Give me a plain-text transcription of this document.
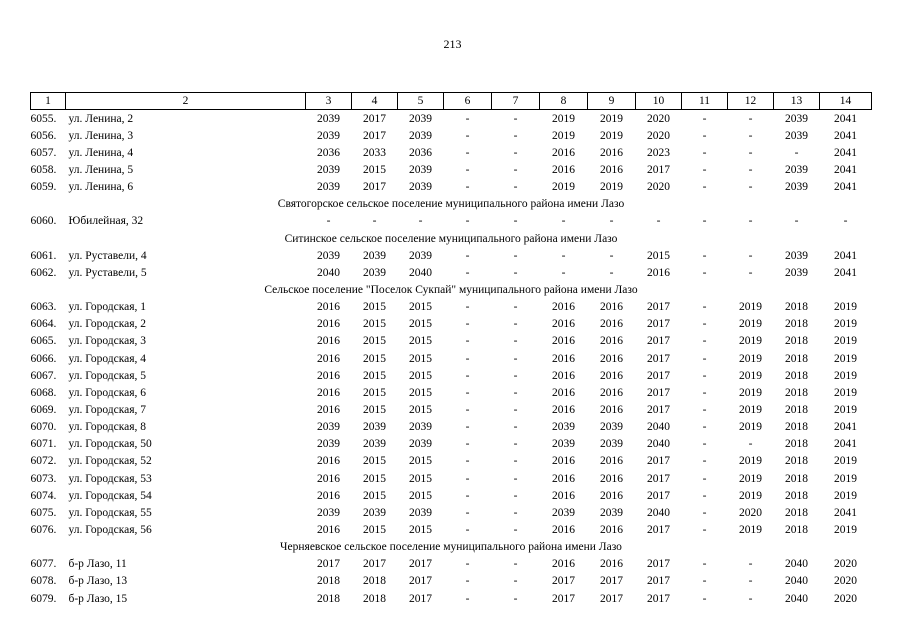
213
1	2	3	4	5	6	7	8	9	10	11	12	13	14
6055.	ул. Ленина, 2	2039	2017	2039	-	-	2019	2019	2020	-	-	2039	2041
6056.	ул. Ленина, 3	2039	2017	2039	-	-	2019	2019	2020	-	-	2039	2041
6057.	ул. Ленина, 4	2036	2033	2036	-	-	2016	2016	2023	-	-	-	2041
6058.	ул. Ленина, 5	2039	2015	2039	-	-	2016	2016	2017	-	-	2039	2041
6059.	ул. Ленина, 6	2039	2017	2039	-	-	2019	2019	2020	-	-	2039	2041
Святогорское сельское поселение муниципального района имени Лазо													
6060.	Юбилейная, 32	-	-	-	-	-	-	-	-	-	-	-	-
Ситинское сельское поселение муниципального района имени Лазо													
6061.	ул. Руставели, 4	2039	2039	2039	-	-	-	-	2015	-	-	2039	2041
6062.	ул. Руставели, 5	2040	2039	2040	-	-	-	-	2016	-	-	2039	2041
Сельское поселение "Поселок Сукпай" муниципального района имени Лазо													
6063.	ул. Городская, 1	2016	2015	2015	-	-	2016	2016	2017	-	2019	2018	2019
6064.	ул. Городская, 2	2016	2015	2015	-	-	2016	2016	2017	-	2019	2018	2019
6065.	ул. Городская, 3	2016	2015	2015	-	-	2016	2016	2017	-	2019	2018	2019
6066.	ул. Городская, 4	2016	2015	2015	-	-	2016	2016	2017	-	2019	2018	2019
6067.	ул. Городская, 5	2016	2015	2015	-	-	2016	2016	2017	-	2019	2018	2019
6068.	ул. Городская, 6	2016	2015	2015	-	-	2016	2016	2017	-	2019	2018	2019
6069.	ул. Городская, 7	2016	2015	2015	-	-	2016	2016	2017	-	2019	2018	2019
6070.	ул. Городская, 8	2039	2039	2039	-	-	2039	2039	2040	-	2019	2018	2041
6071.	ул. Городская, 50	2039	2039	2039	-	-	2039	2039	2040	-	-	2018	2041
6072.	ул. Городская, 52	2016	2015	2015	-	-	2016	2016	2017	-	2019	2018	2019
6073.	ул. Городская, 53	2016	2015	2015	-	-	2016	2016	2017	-	2019	2018	2019
6074.	ул. Городская, 54	2016	2015	2015	-	-	2016	2016	2017	-	2019	2018	2019
6075.	ул. Городская, 55	2039	2039	2039	-	-	2039	2039	2040	-	2020	2018	2041
6076.	ул. Городская, 56	2016	2015	2015	-	-	2016	2016	2017	-	2019	2018	2019
Черняевское сельское поселение муниципального района имени Лазо													
6077.	б-р Лазо, 11	2017	2017	2017	-	-	2016	2016	2017	-	-	2040	2020
6078.	б-р Лазо, 13	2018	2018	2017	-	-	2017	2017	2017	-	-	2040	2020
6079.	б-р Лазо, 15	2018	2018	2017	-	-	2017	2017	2017	-	-	2040	2020
